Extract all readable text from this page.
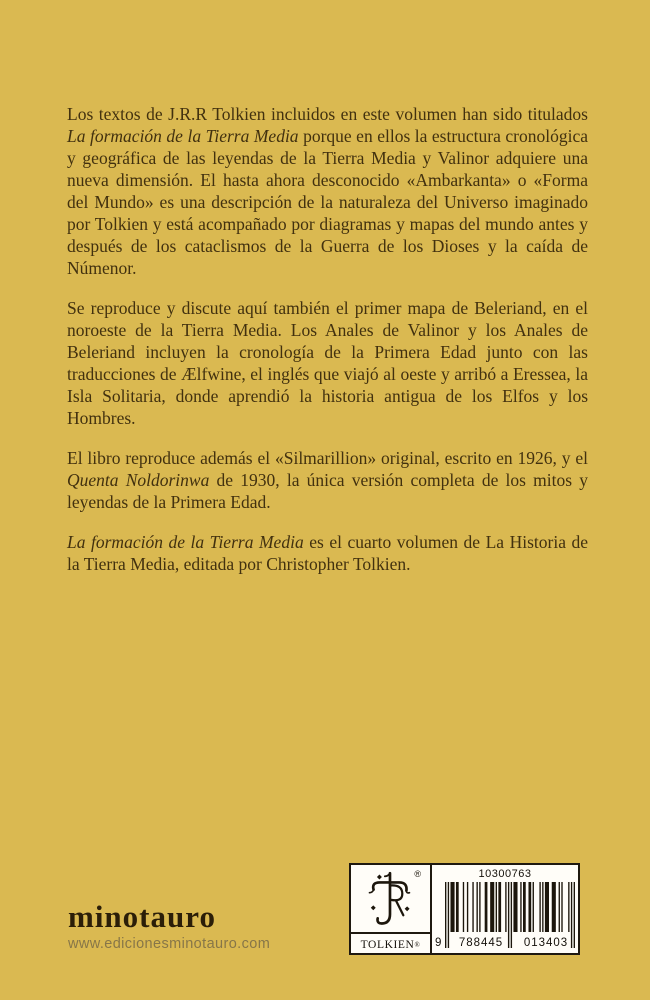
Los textos de J.R.R Tolkien incluidos en este volumen han sido titulados La formación de la Tierra Media porque en ellos la estructura cronológica y geográfica de las leyendas de la Tierra Media y Valinor adquiere una nueva dimensión. El hasta ahora desconocido «Ambarkanta» o «Forma del Mundo» es una descripción de la naturaleza del Universo imaginado por Tolkien y está acompañado por diagramas y mapas del mundo antes y después de los cataclismos de la Guerra de los Dioses y la caída de Númenor.

Se reproduce y discute aquí también el primer mapa de Beleriand, en el noroeste de la Tierra Media. Los Anales de Valinor y los Anales de Beleriand incluyen la cronología de la Primera Edad junto con las traducciones de Ælfwine, el inglés que viajó al oeste y arribó a Eressea, la Isla Solitaria, donde aprendió la historia antigua de los Elfos y los Hombres.

El libro reproduce además el «Silmarillion» original, escrito en 1926, y el Quenta Noldorinwa de 1930, la única versión completa de los mitos y leyendas de la Primera Edad.

La formación de la Tierra Media es el cuarto volumen de La Historia de la Tierra Media, editada por Christopher Tolkien.

minotauro
www.edicionesminotauro.com
®
TOLKIEN ®
10300763
9	788445 013403
